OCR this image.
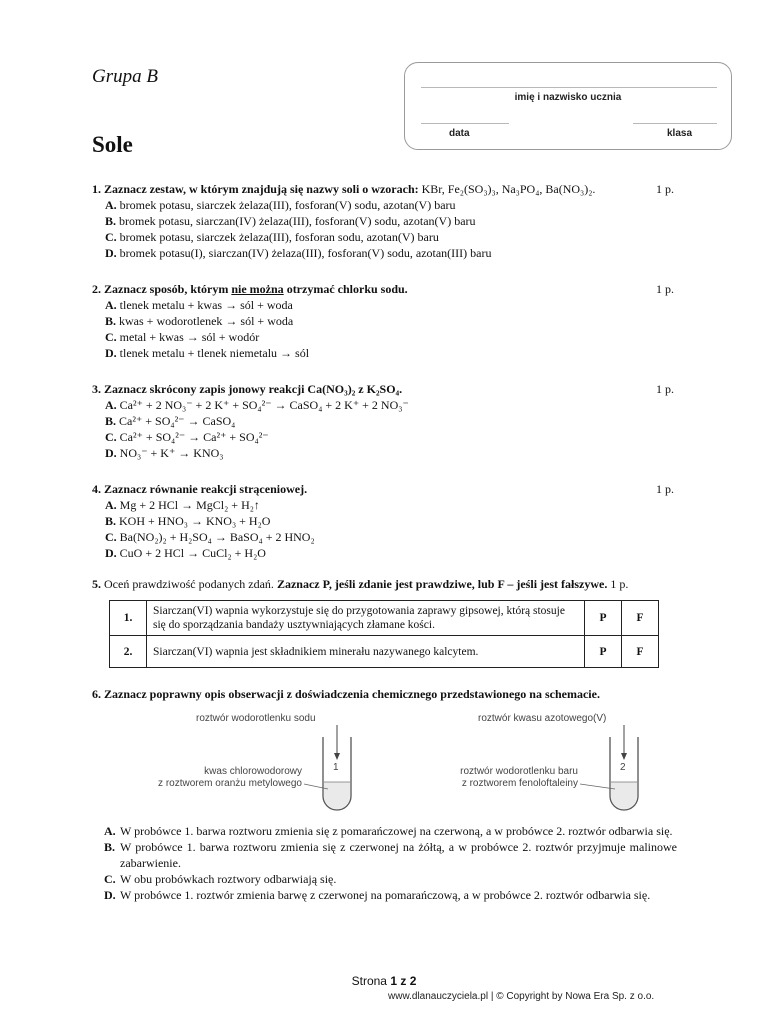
Grupa B
Sole
imię i nazwisko ucznia
data	klasa
1. Zaznacz zestaw, w którym znajdują się nazwy soli o wzorach: KBr, Fe₂(SO₃)₃, Na₃PO₄, Ba(NO₃)₂.	1 p.
A. bromek potasu, siarczek żelaza(III), fosforan(V) sodu, azotan(V) baru
B. bromek potasu, siarczan(IV) żelaza(III), fosforan(V) sodu, azotan(V) baru
C. bromek potasu, siarczek żelaza(III), fosforan sodu, azotan(V) baru
D. bromek potasu(I), siarczan(IV) żelaza(III), fosforan(V) sodu, azotan(III) baru
2. Zaznacz sposób, którym nie można otrzymać chlorku sodu.	1 p.
A. tlenek metalu + kwas → sól + woda
B. kwas + wodorotlenek → sól + woda
C. metal + kwas → sól + wodór
D. tlenek metalu + tlenek niemetalu → sól
3. Zaznacz skrócony zapis jonowy reakcji Ca(NO₃)₂ z K₂SO₄.	1 p.
A. Ca²⁺ + 2 NO₃⁻ + 2 K⁺ + SO₄²⁻ → CaSO₄ + 2 K⁺ + 2 NO₃⁻
B. Ca²⁺ + SO₄²⁻ → CaSO₄
C. Ca²⁺ + SO₄²⁻ → Ca²⁺ + SO₄²⁻
D. NO₃⁻ + K⁺ → KNO₃
4. Zaznacz równanie reakcji strąceniowej.	1 p.
A. Mg + 2 HCl → MgCl₂ + H₂↑
B. KOH + HNO₃ → KNO₃ + H₂O
C. Ba(NO₂)₂ + H₂SO₄ → BaSO₄ + 2 HNO₂
D. CuO + 2 HCl → CuCl₂ + H₂O
5. Oceń prawdziwość podanych zdań. Zaznacz P, jeśli zdanie jest prawdziwe, lub F – jeśli jest fałszywe. 1 p.
1.	Siarczan(VI) wapnia wykorzystuje się do przygotowania zaprawy gipsowej, którą stosuje się do sporządzania bandaży usztywniających złamane kości.	P	F
2.	Siarczan(VI) wapnia jest składnikiem minerału nazywanego kalcytem.	P	F
6. Zaznacz poprawny opis obserwacji z doświadczenia chemicznego przedstawionego na schemacie.
roztwór wodorotlenku sodu
kwas chlorowodorowy
z roztworem oranżu metylowego
roztwór kwasu azotowego(V)
roztwór wodorotlenku baru
z roztworem fenoloftaleiny
1	2
A. W probówce 1. barwa roztworu zmienia się z pomarańczowej na czerwoną, a w probówce 2. roztwór odbarwia się.
B. W probówce 1. barwa roztworu zmienia się z czerwonej na żółtą, a w probówce 2. roztwór przyjmuje malinowe zabarwienie.
C. W obu probówkach roztwory odbarwiają się.
D. W probówce 1. roztwór zmienia barwę z czerwonej na pomarańczową, a w probówce 2. roztwór odbarwia się.
Strona 1 z 2
www.dlanauczyciela.pl | © Copyright by Nowa Era Sp. z o.o.
